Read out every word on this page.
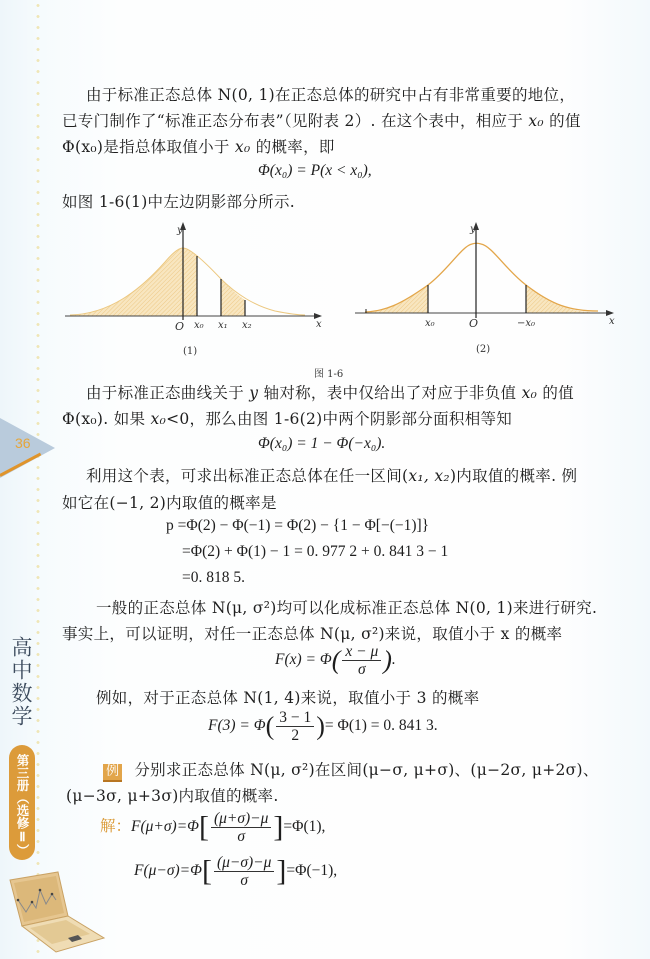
由于标准正态总体 N(0, 1)在正态总体的研究中占有非常重要的地位，
已专门制作了“标准正态分布表”（见附表 2）. 在这个表中，相应于 x₀ 的值
Φ(x₀)是指总体取值小于 x₀ 的概率，即
Φ(x₀) = P(x < x₀),
如图 1-6(1)中左边阴影部分所示.
y
x
O x₀ x₁ x₂
(1)
y
x
O
x₀	−x₀
(2)
图 1-6
由于标准正态曲线关于 y 轴对称，表中仅给出了对应于非负值 x₀ 的值
Φ(x₀). 如果 x₀<0，那么由图 1-6(2)中两个阴影部分面积相等知
Φ(x₀) = 1 − Φ(−x₀).
利用这个表，可求出标准正态总体在任一区间(x₁, x₂)内取值的概率. 例
如它在(−1, 2)内取值的概率是
p =Φ(2) − Φ(−1) = Φ(2) − {1 − Φ[−(−1)]}
=Φ(2) + Φ(1) − 1 = 0. 977 2 + 0. 841 3 − 1
=0. 818 5.
一般的正态总体 N(μ, σ²)均可以化成标准正态总体 N(0, 1)来进行研究.
事实上，可以证明，对任一正态总体 N(μ, σ²)来说，取值小于 x 的概率
$F(x) = \Phi( \frac{x - \mu}{\sigma}$ ).
例如，对于正态总体 N(1, 4)来说，取值小于 3 的概率
$F(3) = \Phi( \frac{3 - 1}{2}$ )= Φ(1) = 0. 841 3.
例 分别求正态总体 N(μ, σ²)在区间(μ−σ, μ+σ)、(μ−2σ, μ+2σ)、
(μ−3σ, μ+3σ)内取值的概率.
解：$F(\mu+\sigma)=\Phi[ \frac{(\mu+\sigma)-\mu}{\sigma} ]=\Phi(1)$,
$F(\mu-\sigma)=\Phi[ \frac{(\mu-\sigma)-\mu}{\sigma} ]=\Phi(-1)$,
36
高中数学
第三册（选修Ⅱ）
